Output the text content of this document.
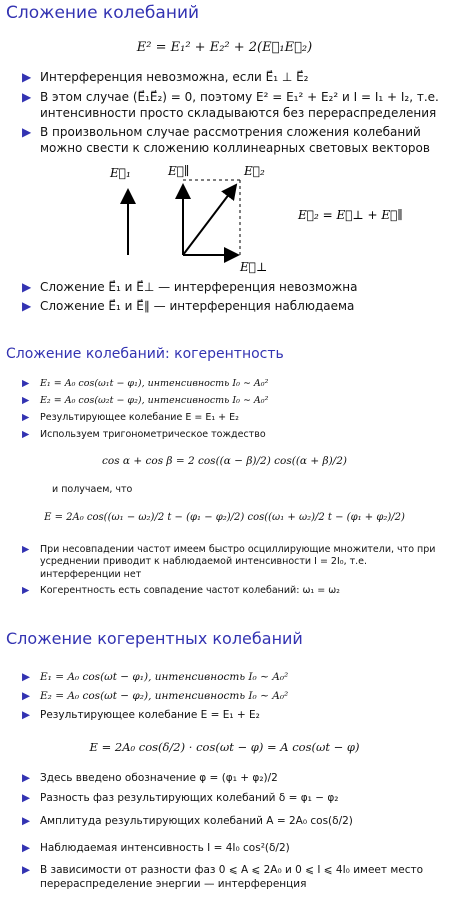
Сложение колебаний
E² = E₁² + E₂² + 2(E⃗₁E⃗₂)
▶ Интерференция невозможна, если E⃗₁ ⊥ E⃗₂
▶ В этом случае (E⃗₁E⃗₂) = 0, поэтому E² = E₁² + E₂² и I = I₁ + I₂, т.е. интенсивности просто складываются без перераспределения
▶ В произвольном случае рассмотрения сложения колебаний можно свести к сложению коллинеарных световых векторов
E⃗₁	E⃗∥	E⃗₂
E⃗⊥
E⃗₂ = E⃗⊥ + E⃗∥
▶ Сложение E⃗₁ и E⃗⊥ — интерференция невозможна
▶ Сложение E⃗₁ и E⃗∥ — интерференция наблюдаема
Сложение колебаний: когерентность
▶ E₁ = A₀ cos(ω₁t − φ₁), интенсивность I₀ ∼ A₀²
▶ E₂ = A₀ cos(ω₂t − φ₂), интенсивность I₀ ∼ A₀²
▶ Результирующее колебание E = E₁ + E₂
▶ Используем тригонометрическое тождество
cos α + cos β = 2 cos((α − β)/2) cos((α + β)/2)
и получаем, что
E = 2A₀ cos((ω₁ − ω₂)/2 t − (φ₁ − φ₂)/2) cos((ω₁ + ω₂)/2 t − (φ₁ + φ₂)/2)
▶ При несовпадении частот имеем быстро осциллирующие множители, что при усреднении приводит к наблюдаемой интенсивности I = 2I₀, т.е. интерференции нет
▶ Когерентность есть совпадение частот колебаний: ω₁ = ω₂
Сложение когерентных колебаний
▶ E₁ = A₀ cos(ωt − φ₁), интенсивность I₀ ∼ A₀²
▶ E₂ = A₀ cos(ωt − φ₂), интенсивность I₀ ∼ A₀²
▶ Результирующее колебание E = E₁ + E₂
E = 2A₀ cos(δ/2) · cos(ωt − φ) = A cos(ωt − φ)
▶ Здесь введено обозначение φ = (φ₁ + φ₂)/2
▶ Разность фаз результирующих колебаний δ = φ₁ − φ₂
▶ Амплитуда результирующих колебаний A = 2A₀ cos(δ/2)
▶ Наблюдаемая интенсивность I = 4I₀ cos²(δ/2)
▶ В зависимости от разности фаз 0 ⩽ A ⩽ 2A₀ и 0 ⩽ I ⩽ 4I₀ имеет место перераспределение энергии — интерференция
